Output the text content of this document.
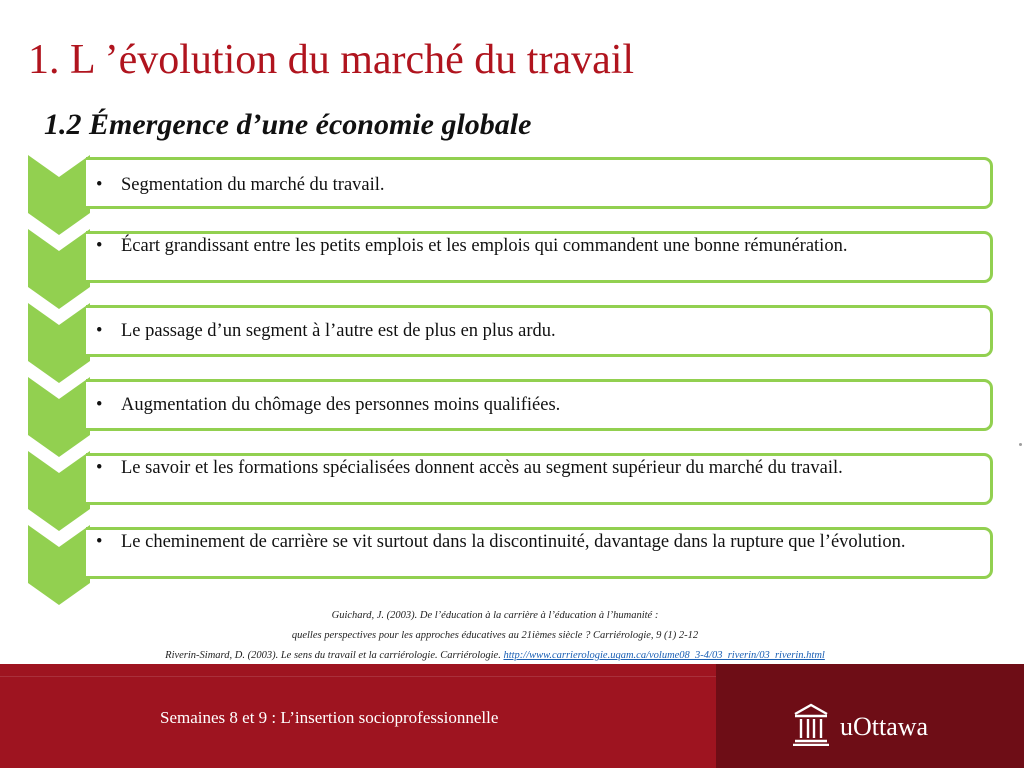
1. L ’évolution du marché du travail
1.2 Émergence d’une économie globale
•	Segmentation du marché du travail.
•	Écart grandissant entre les petits emplois et les emplois qui commandent une bonne rémunération.
•	Le passage d’un segment à l’autre est de plus en plus ardu.
•	Augmentation du chômage des personnes moins qualifiées.
•	Le savoir et les formations spécialisées donnent accès au segment supérieur du marché du travail.
•	Le cheminement de carrière se vit surtout dans la discontinuité, davantage dans la rupture que l’évolution.
Guichard, J. (2003). De l’éducation à la carrière à l’éducation à l’humanité :
quelles perspectives pour les approches éducatives au 21ièmes siècle ? Carriérologie, 9 (1) 2-12
Riverin-Simard, D. (2003). Le sens du travail et la carriérologie. Carriérologie. http://www.carrierologie.uqam.ca/volume08_3-4/03_riverin/03_riverin.html
Semaines 8 et 9 : L’insertion socioprofessionnelle	uOttawa
